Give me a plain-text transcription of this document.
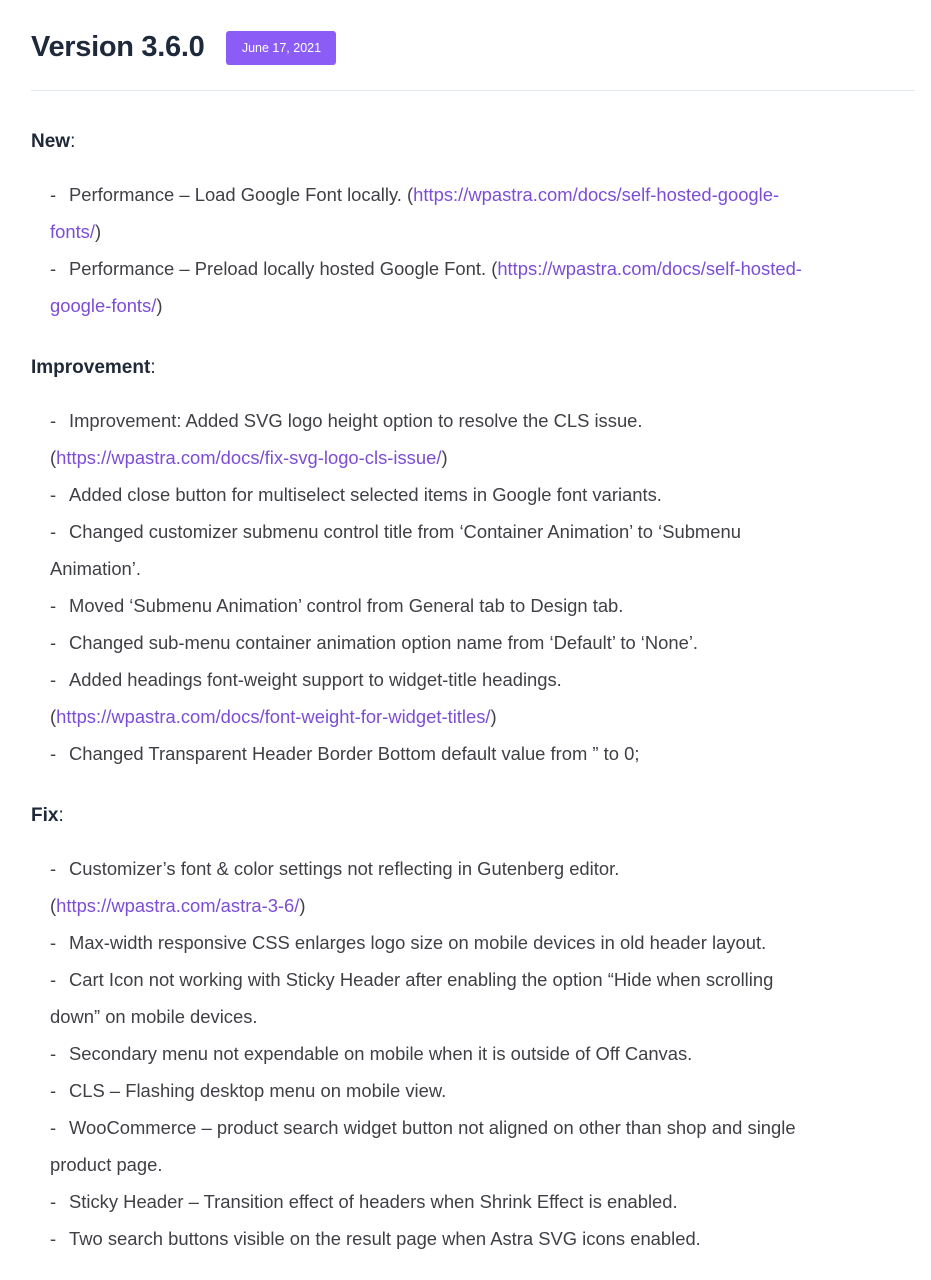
Version 3.6.0	June 17, 2021
New:
- Performance – Load Google Font locally. (https://wpastra.com/docs/self-hosted-google-
fonts/)
- Performance – Preload locally hosted Google Font. (https://wpastra.com/docs/self-hosted-
google-fonts/)
Improvement:
- Improvement: Added SVG logo height option to resolve the CLS issue.
(https://wpastra.com/docs/fix-svg-logo-cls-issue/)
- Added close button for multiselect selected items in Google font variants.
- Changed customizer submenu control title from ‘Container Animation’ to ‘Submenu
Animation’.
- Moved ‘Submenu Animation’ control from General tab to Design tab.
- Changed sub-menu container animation option name from ‘Default’ to ‘None’.
- Added headings font-weight support to widget-title headings.
(https://wpastra.com/docs/font-weight-for-widget-titles/)
- Changed Transparent Header Border Bottom default value from ” to 0;
Fix:
- Customizer’s font & color settings not reflecting in Gutenberg editor.
(https://wpastra.com/astra-3-6/)
- Max-width responsive CSS enlarges logo size on mobile devices in old header layout.
- Cart Icon not working with Sticky Header after enabling the option “Hide when scrolling
down” on mobile devices.
- Secondary menu not expendable on mobile when it is outside of Off Canvas.
- CLS – Flashing desktop menu on mobile view.
- WooCommerce – product search widget button not aligned on other than shop and single
product page.
- Sticky Header – Transition effect of headers when Shrink Effect is enabled.
- Two search buttons visible on the result page when Astra SVG icons enabled.
